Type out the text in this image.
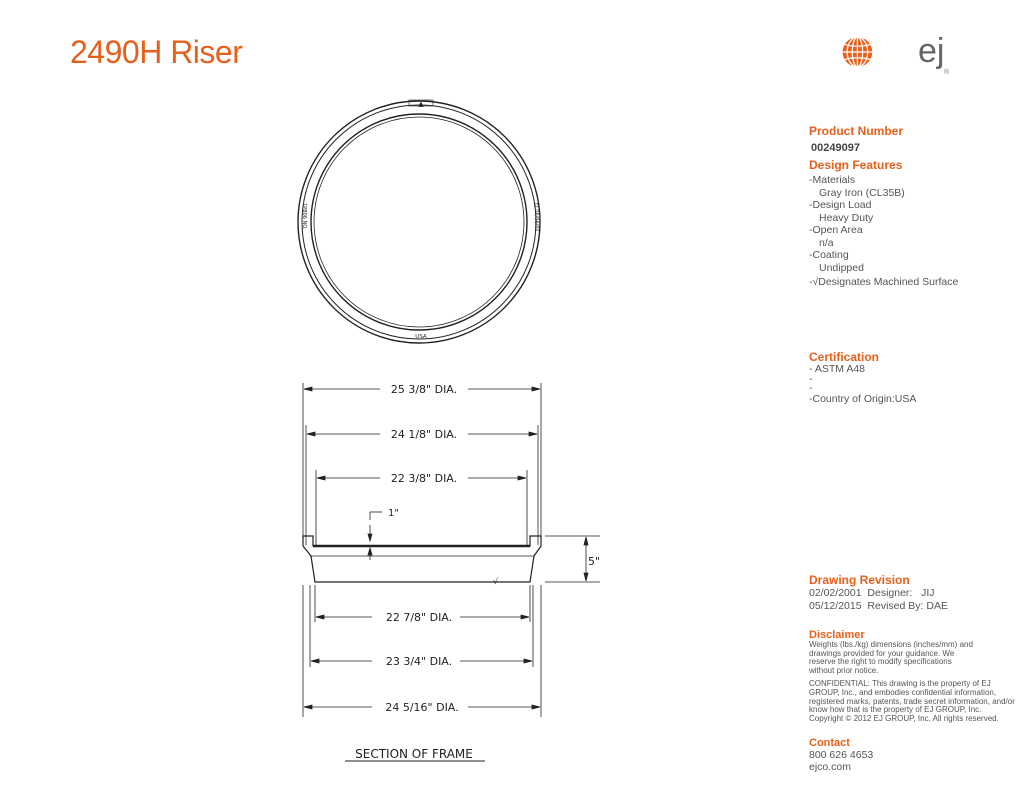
2490H Riser	ej
®
▲
1PB06 NO.	EJ 06/06/01
USA
25 3/8" DIA.
24 1/8" DIA.
22 3/8" DIA.
1"
√
5"
22 7/8" DIA.
23 3/4" DIA.
24 5/16" DIA.
SECTION OF FRAME

Product Number

00249097

Design Features

-Materials
Gray Iron (CL35B)
-Design Load
Heavy Duty
-Open Area
n/a
-Coating
Undipped
-√Designates Machined Surface

Certification

- ASTM A48
-
-
-Country of Origin:USA

Drawing Revision

02/02/2001 Designer: JIJ
05/12/2015 Revised By: DAE

Disclaimer

Weights (lbs./kg) dimensions (inches/mm) and drawings provided for your guidance. We reserve the right to modify specifications without prior notice.
CONFIDENTIAL: This drawing is the property of EJ GROUP, Inc., and embodies confidential information, registered marks, patents, trade secret information, and/or know how that is the property of EJ GROUP, Inc. Copyright © 2012 EJ GROUP, Inc. All rights reserved.

Contact

800 626 4653
ejco.com
